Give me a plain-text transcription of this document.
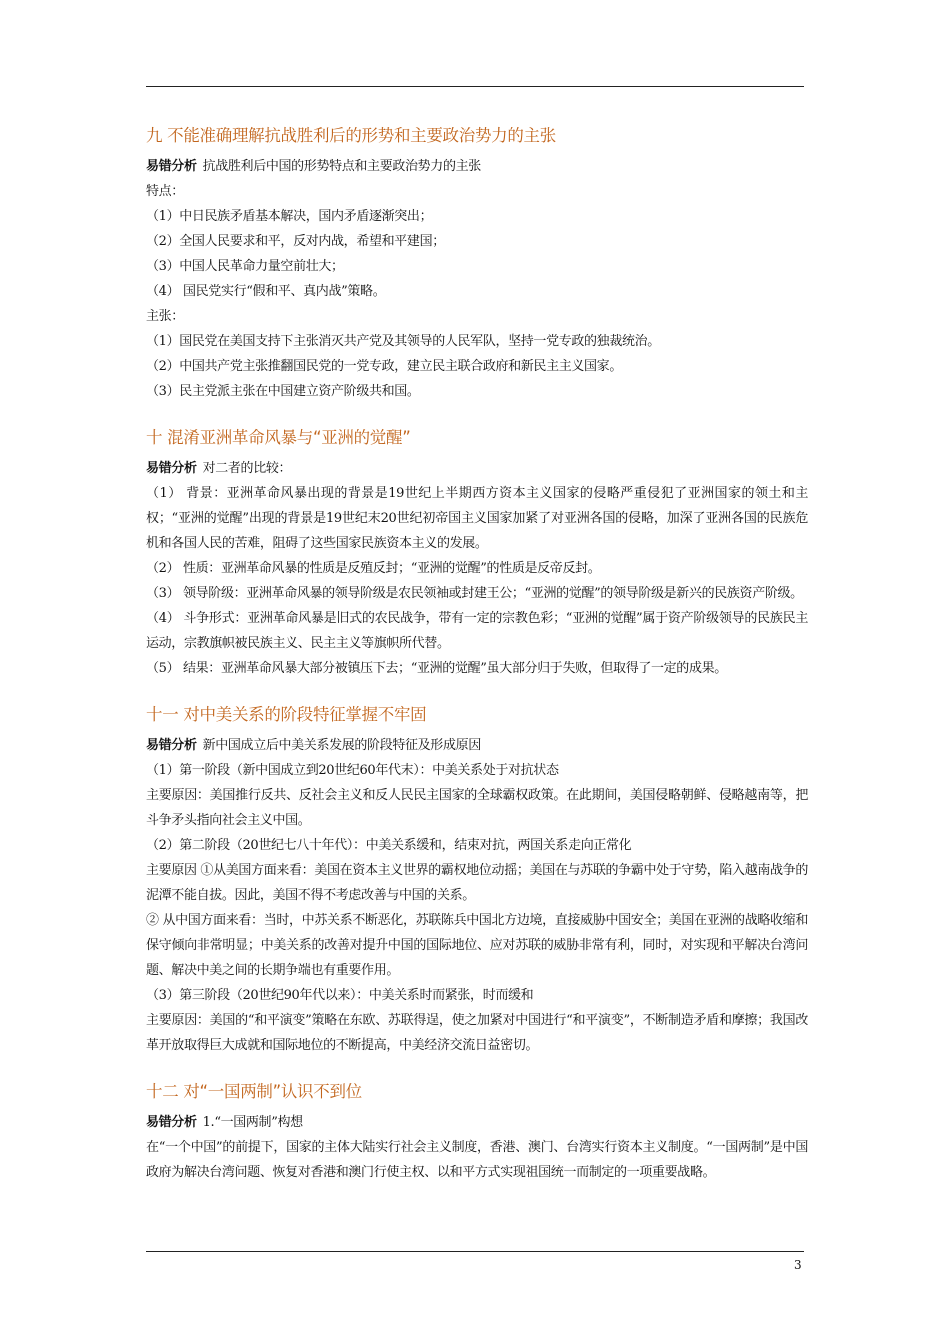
九 不能准确理解抗战胜利后的形势和主要政治势力的主张

易错分析 抗战胜利后中国的形势特点和主要政治势力的主张

特点：

（1）中日民族矛盾基本解决，国内矛盾逐渐突出；

（2）全国人民要求和平，反对内战，希望和平建国；

（3）中国人民革命力量空前壮大；

（4） 国民党实行“假和平、真内战”策略。

主张：

（1）国民党在美国支持下主张消灭共产党及其领导的人民军队，坚持一党专政的独裁统治。

（2）中国共产党主张推翻国民党的一党专政，建立民主联合政府和新民主主义国家。

（3）民主党派主张在中国建立资产阶级共和国。

十 混淆亚洲革命风暴与“亚洲的觉醒”

易错分析 对二者的比较：

（1） 背景：亚洲革命风暴出现的背景是19世纪上半期西方资本主义国家的侵略严重侵犯了亚洲国家的领土和主权；“亚洲的觉醒”出现的背景是19世纪末20世纪初帝国主义国家加紧了对亚洲各国的侵略，加深了亚洲各国的民族危机和各国人民的苦难，阻碍了这些国家民族资本主义的发展。

（2） 性质：亚洲革命风暴的性质是反殖反封；“亚洲的觉醒”的性质是反帝反封。

（3） 领导阶级：亚洲革命风暴的领导阶级是农民领袖或封建王公；“亚洲的觉醒”的领导阶级是新兴的民族资产阶级。

（4） 斗争形式：亚洲革命风暴是旧式的农民战争，带有一定的宗教色彩；“亚洲的觉醒”属于资产阶级领导的民族民主运动，宗教旗帜被民族主义、民主主义等旗帜所代替。

（5） 结果：亚洲革命风暴大部分被镇压下去；“亚洲的觉醒”虽大部分归于失败，但取得了一定的成果。

十一 对中美关系的阶段特征掌握不牢固

易错分析 新中国成立后中美关系发展的阶段特征及形成原因

（1）第一阶段（新中国成立到20世纪60年代末）：中美关系处于对抗状态

主要原因：美国推行反共、反社会主义和反人民民主国家的全球霸权政策。在此期间，美国侵略朝鲜、侵略越南等，把斗争矛头指向社会主义中国。

（2）第二阶段（20世纪七八十年代）：中美关系缓和，结束对抗，两国关系走向正常化

主要原因 ①从美国方面来看：美国在资本主义世界的霸权地位动摇；美国在与苏联的争霸中处于守势，陷入越南战争的泥潭不能自拔。因此，美国不得不考虑改善与中国的关系。

② 从中国方面来看：当时，中苏关系不断恶化，苏联陈兵中国北方边境，直接威胁中国安全；美国在亚洲的战略收缩和保守倾向非常明显；中美关系的改善对提升中国的国际地位、应对苏联的威胁非常有利，同时，对实现和平解决台湾问题、解决中美之间的长期争端也有重要作用。

（3）第三阶段（20世纪90年代以来）：中美关系时而紧张，时而缓和

主要原因：美国的“和平演变”策略在东欧、苏联得逞，使之加紧对中国进行“和平演变”，不断制造矛盾和摩擦；我国改革开放取得巨大成就和国际地位的不断提高，中美经济交流日益密切。

十二 对“一国两制”认识不到位

易错分析 1.“一国两制”构想

在“一个中国”的前提下，国家的主体大陆实行社会主义制度，香港、澳门、台湾实行资本主义制度。“一国两制”是中国政府为解决台湾问题、恢复对香港和澳门行使主权、以和平方式实现祖国统一而制定的一项重要战略。

3
